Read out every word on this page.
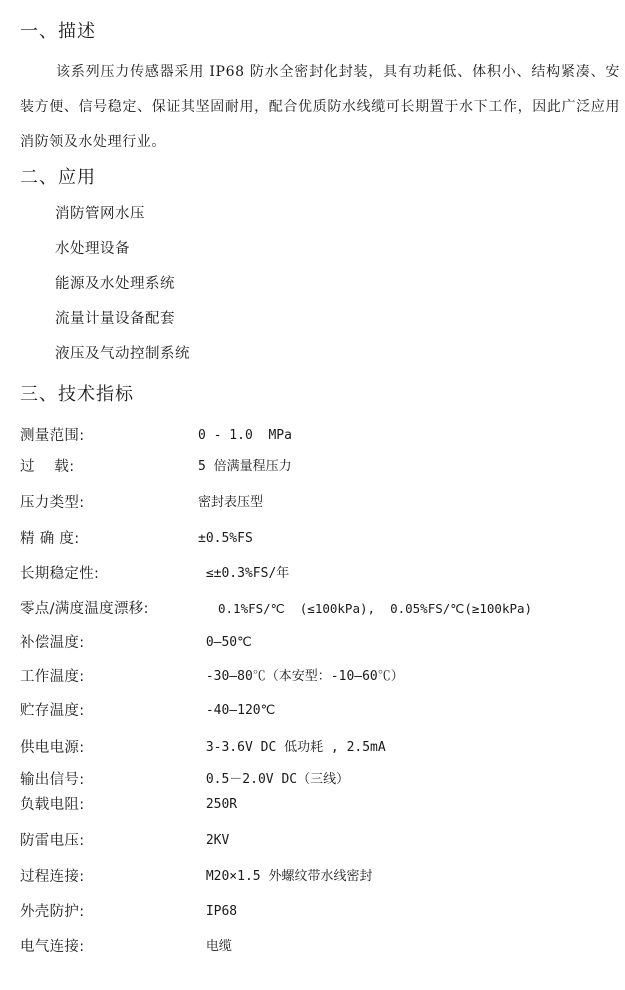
一、描述

该系列压力传感器采用 IP68 防水全密封化封装，具有功耗低、体积小、结构紧凑、安装方便、信号稳定、保证其坚固耐用，配合优质防水线缆可长期置于水下工作，因此广泛应用消防领及水处理行业。

二、应用
消防管网水压
水处理设备
能源及水处理系统
流量计量设备配套
液压及气动控制系统
三、技术指标
测量范围:	0 - 1.0  MPa
过    载:	5 倍满量程压力
压力类型:	密封表压型
精 确 度:	±0.5%FS
长期稳定性:	≤±0.3%FS/年
零点/满度温度漂移:	0.1%FS/℃  (≤100kPa),  0.05%FS/℃(≥100kPa)
补偿温度:	0—50℃
工作温度:	-30—80℃（本安型：-10—60℃）
贮存温度:	-40—120℃
供电电源:	3-3.6V DC 低功耗 , 2.5mA
输出信号:	0.5－2.0V DC（三线）
负载电阻:	250R
防雷电压:	2KV
过程连接:	M20×1.5 外螺纹带水线密封
外壳防护:	IP68
电气连接:	电缆
